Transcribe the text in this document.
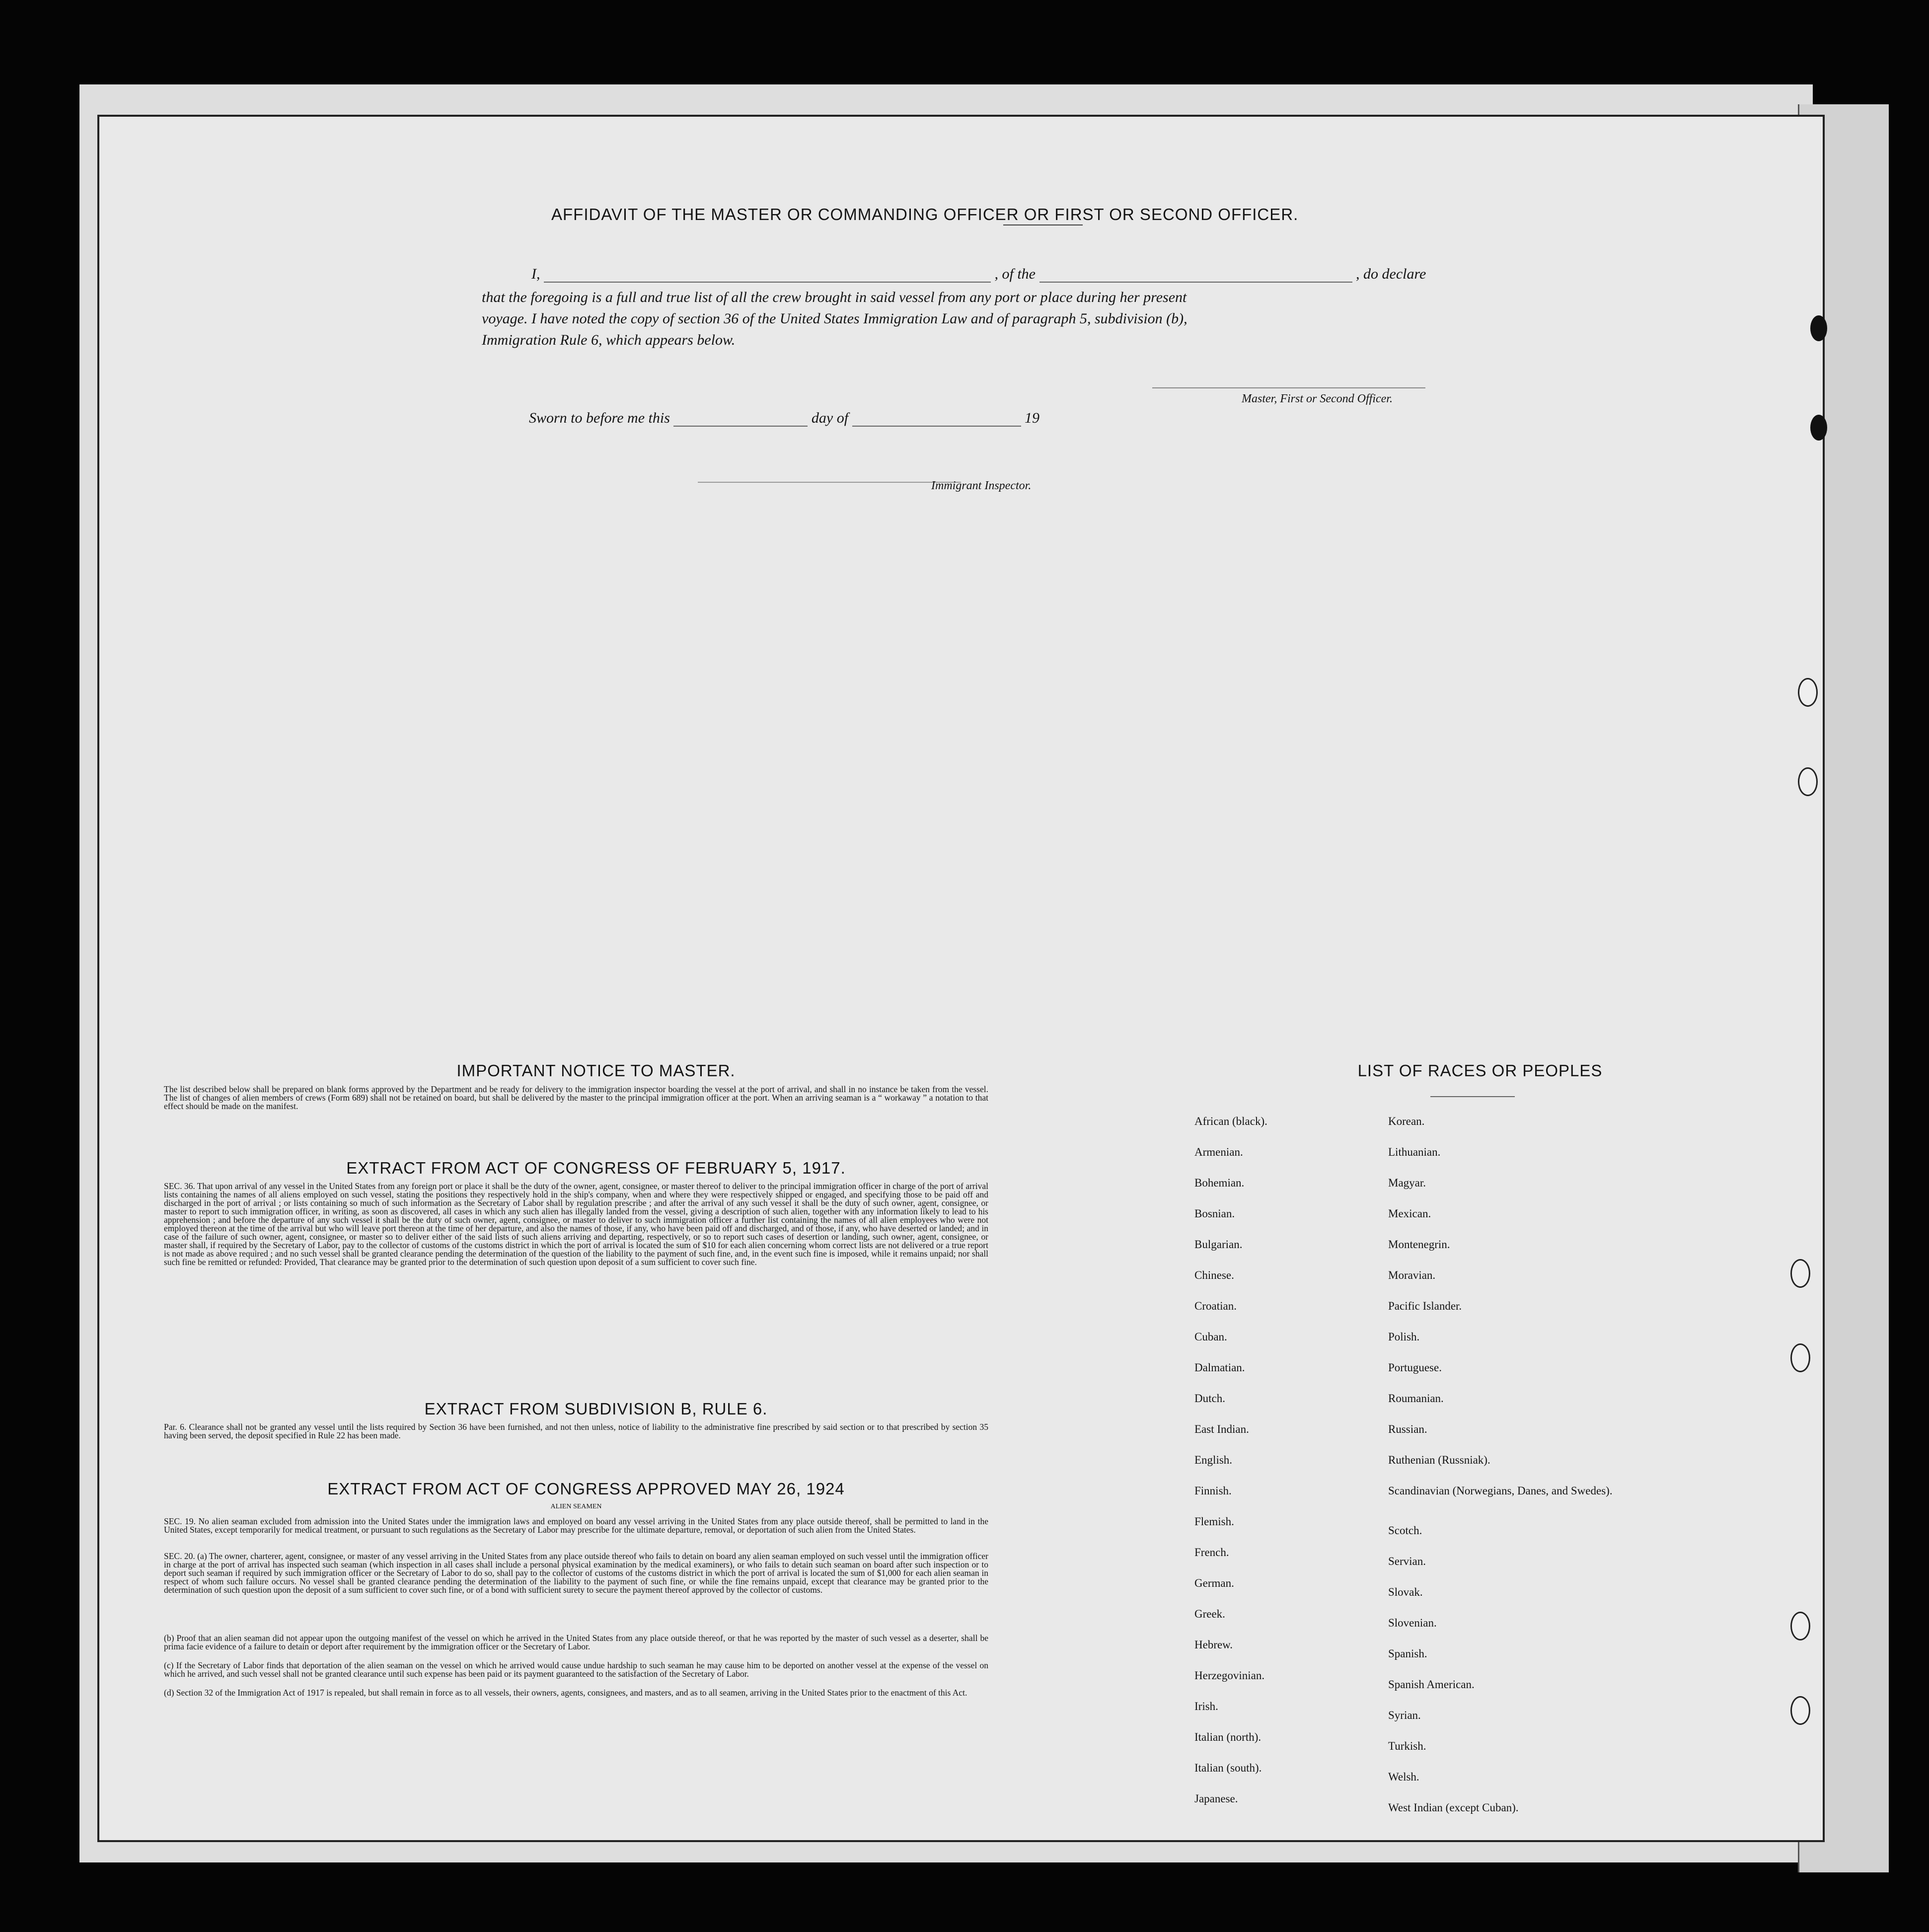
AFFIDAVIT OF THE MASTER OR COMMANDING OFFICER OR FIRST OR SECOND OFFICER.
I,	, of the	, do declare
that the foregoing is a full and true list of all the crew brought in said vessel from any port or place during her present
voyage. I have noted the copy of section 36 of the United States Immigration Law and of paragraph 5, subdivision (b),
Immigration Rule 6, which appears below.
Master, First or Second Officer.
Sworn to before me this	day of	19
Immigrant Inspector.
IMPORTANT NOTICE TO MASTER.
The list described below shall be prepared on blank forms approved by the Department and be ready for delivery to the immigration inspector boarding the vessel at the port of arrival, and shall in no instance be taken from the vessel. The list of changes of alien members of crews (Form 689) shall not be retained on board, but shall be delivered by the master to the principal immigration officer at the port. When an arriving seaman is a “ workaway ” a notation to that effect should be made on the manifest.
EXTRACT FROM ACT OF CONGRESS OF FEBRUARY 5, 1917.
SEC. 36. That upon arrival of any vessel in the United States from any foreign port or place it shall be the duty of the owner, agent, consignee, or master thereof to deliver to the principal immigration officer in charge of the port of arrival lists containing the names of all aliens employed on such vessel, stating the positions they respectively hold in the ship's company, when and where they were respectively shipped or engaged, and specifying those to be paid off and discharged in the port of arrival ; or lists containing so much of such information as the Secretary of Labor shall by regulation prescribe ; and after the arrival of any such vessel it shall be the duty of such owner, agent, consignee, or master to report to such immigration officer, in writing, as soon as discovered, all cases in which any such alien has illegally landed from the vessel, giving a description of such alien, together with any information likely to lead to his apprehension ; and before the departure of any such vessel it shall be the duty of such owner, agent, consignee, or master to deliver to such immigration officer a further list containing the names of all alien employees who were not employed thereon at the time of the arrival but who will leave port thereon at the time of her departure, and also the names of those, if any, who have been paid off and discharged, and of those, if any, who have deserted or landed; and in case of the failure of such owner, agent, consignee, or master so to deliver either of the said lists of such aliens arriving and departing, respectively, or so to report such cases of desertion or landing, such owner, agent, consignee, or master shall, if required by the Secretary of Labor, pay to the collector of customs of the customs district in which the port of arrival is located the sum of $10 for each alien concerning whom correct lists are not delivered or a true report is not made as above required ; and no such vessel shall be granted clearance pending the determination of the question of the liability to the payment of such fine, and, in the event such fine is imposed, while it remains unpaid; nor shall such fine be remitted or refunded: Provided, That clearance may be granted prior to the determination of such question upon deposit of a sum sufficient to cover such fine.
EXTRACT FROM SUBDIVISION B, RULE 6.
Par. 6. Clearance shall not be granted any vessel until the lists required by Section 36 have been furnished, and not then unless, notice of liability to the administrative fine prescribed by said section or to that prescribed by section 35 having been served, the deposit specified in Rule 22 has been made.
EXTRACT FROM ACT OF CONGRESS APPROVED MAY 26, 1924
ALIEN SEAMEN
SEC. 19. No alien seaman excluded from admission into the United States under the immigration laws and employed on board any vessel arriving in the United States from any place outside thereof, shall be permitted to land in the United States, except temporarily for medical treatment, or pursuant to such regulations as the Secretary of Labor may prescribe for the ultimate departure, removal, or deportation of such alien from the United States.
SEC. 20. (a) The owner, charterer, agent, consignee, or master of any vessel arriving in the United States from any place outside thereof who fails to detain on board any alien seaman employed on such vessel until the immigration officer in charge at the port of arrival has inspected such seaman (which inspection in all cases shall include a personal physical examination by the medical examiners), or who fails to detain such seaman on board after such inspection or to deport such seaman if required by such immigration officer or the Secretary of Labor to do so, shall pay to the collector of customs of the customs district in which the port of arrival is located the sum of $1,000 for each alien seaman in respect of whom such failure occurs. No vessel shall be granted clearance pending the determination of the liability to the payment of such fine, or while the fine remains unpaid, except that clearance may be granted prior to the determination of such question upon the deposit of a sum sufficient to cover such fine, or of a bond with sufficient surety to secure the payment thereof approved by the collector of customs.
(b) Proof that an alien seaman did not appear upon the outgoing manifest of the vessel on which he arrived in the United States from any place outside thereof, or that he was reported by the master of such vessel as a deserter, shall be prima facie evidence of a failure to detain or deport after requirement by the immigration officer or the Secretary of Labor.
(c) If the Secretary of Labor finds that deportation of the alien seaman on the vessel on which he arrived would cause undue hardship to such seaman he may cause him to be deported on another vessel at the expense of the vessel on which he arrived, and such vessel shall not be granted clearance until such expense has been paid or its payment guaranteed to the satisfaction of the Secretary of Labor.
(d) Section 32 of the Immigration Act of 1917 is repealed, but shall remain in force as to all vessels, their owners, agents, consignees, and masters, and as to all seamen, arriving in the United States prior to the enactment of this Act.
LIST OF RACES OR PEOPLES
African (black).
Armenian.
Bohemian.
Bosnian.
Bulgarian.
Chinese.
Croatian.
Cuban.
Dalmatian.
Dutch.
East Indian.
English.
Finnish.
Flemish.
French.
German.
Greek.
Hebrew.
Herzegovinian.
Irish.
Italian (north).
Italian (south).
Japanese.
Korean.
Lithuanian.
Magyar.
Mexican.
Montenegrin.
Moravian.
Pacific Islander.
Polish.
Portuguese.
Roumanian.
Russian.
Ruthenian (Russniak).
Scandinavian (Norwegians, Danes, and Swedes).
Scotch.
Servian.
Slovak.
Slovenian.
Spanish.
Spanish American.
Syrian.
Turkish.
Welsh.
West Indian (except Cuban).
